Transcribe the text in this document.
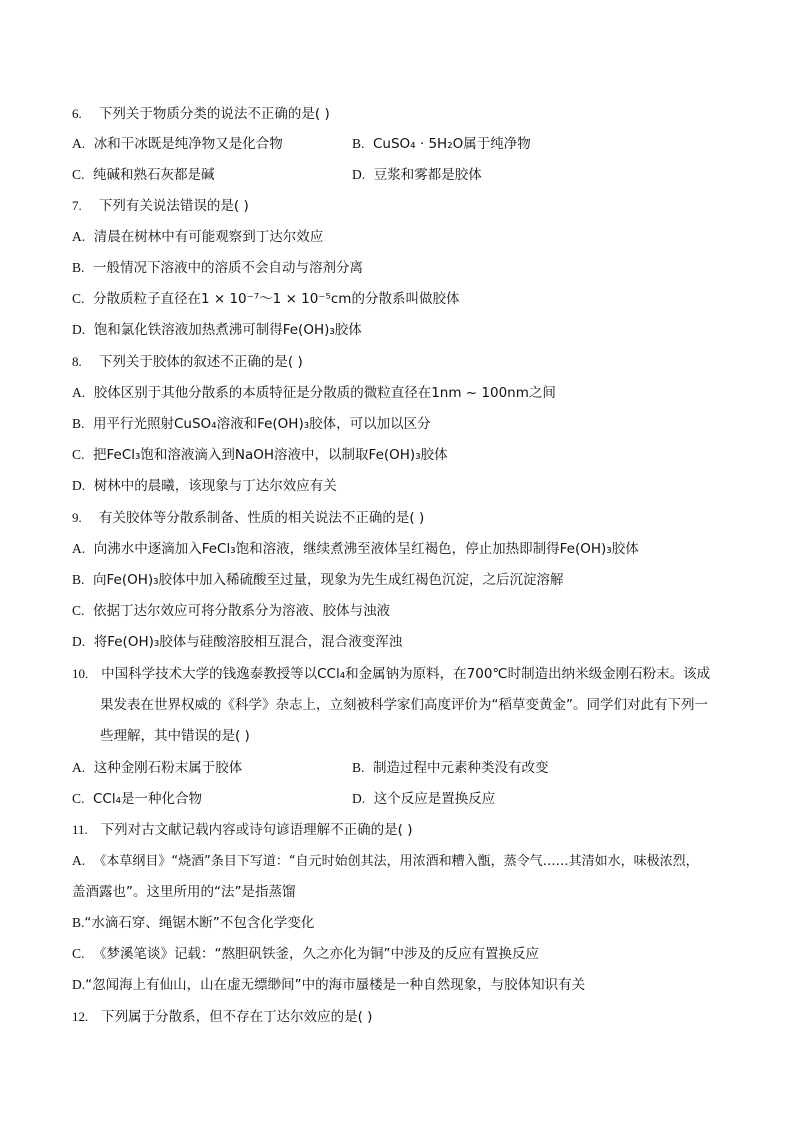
6. 下列关于物质分类的说法不正确的是( )
A. 冰和干冰既是纯净物又是化合物	B. CuSO₄ · 5H₂O属于纯净物
C. 纯碱和熟石灰都是碱	D. 豆浆和雾都是胶体
7. 下列有关说法错误的是( )
A. 清晨在树林中有可能观察到丁达尔效应
B. 一般情况下溶液中的溶质不会自动与溶剂分离
C. 分散质粒子直径在1 × 10⁻⁷～1 × 10⁻⁵cm的分散系叫做胶体
D. 饱和氯化铁溶液加热煮沸可制得Fe(OH)₃胶体
8. 下列关于胶体的叙述不正确的是( )
A. 胶体区别于其他分散系的本质特征是分散质的微粒直径在1nm ~ 100nm之间
B. 用平行光照射CuSO₄溶液和Fe(OH)₃胶体，可以加以区分
C. 把FeCl₃饱和溶液滴入到NaOH溶液中，以制取Fe(OH)₃胶体
D. 树林中的晨曦，该现象与丁达尔效应有关
9. 有关胶体等分散系制备、性质的相关说法不正确的是( )
A. 向沸水中逐滴加入FeCl₃饱和溶液，继续煮沸至液体呈红褐色，停止加热即制得Fe(OH)₃胶体
B. 向Fe(OH)₃胶体中加入稀硫酸至过量，现象为先生成红褐色沉淀，之后沉淀溶解
C. 依据丁达尔效应可将分散系分为溶液、胶体与浊液
D. 将Fe(OH)₃胶体与硅酸溶胶相互混合，混合液变浑浊
10. 中国科学技术大学的钱逸泰教授等以CCl₄和金属钠为原料，在700℃时制造出纳米级金刚石粉末。该成
果发表在世界权威的《科学》杂志上，立刻被科学家们高度评价为“稻草变黄金”。同学们对此有下列一
些理解，其中错误的是( )
A. 这种金刚石粉末属于胶体	B. 制造过程中元素种类没有改变
C. CCl₄是一种化合物	D. 这个反应是置换反应
11. 下列对古文献记载内容或诗句谚语理解不正确的是( )
A. 《本草纲目》“烧酒”条目下写道：“自元时始创其法，用浓酒和糟入甑，蒸令气……其清如水，味极浓烈，
盖酒露也”。这里所用的“法”是指蒸馏
B.“水滴石穿、绳锯木断”不包含化学变化
C. 《梦溪笔谈》记载：“熬胆矾铁釜，久之亦化为铜”中涉及的反应有置换反应
D.“忽闻海上有仙山，山在虚无缥缈间”中的海市蜃楼是一种自然现象，与胶体知识有关
12. 下列属于分散系，但不存在丁达尔效应的是( )
